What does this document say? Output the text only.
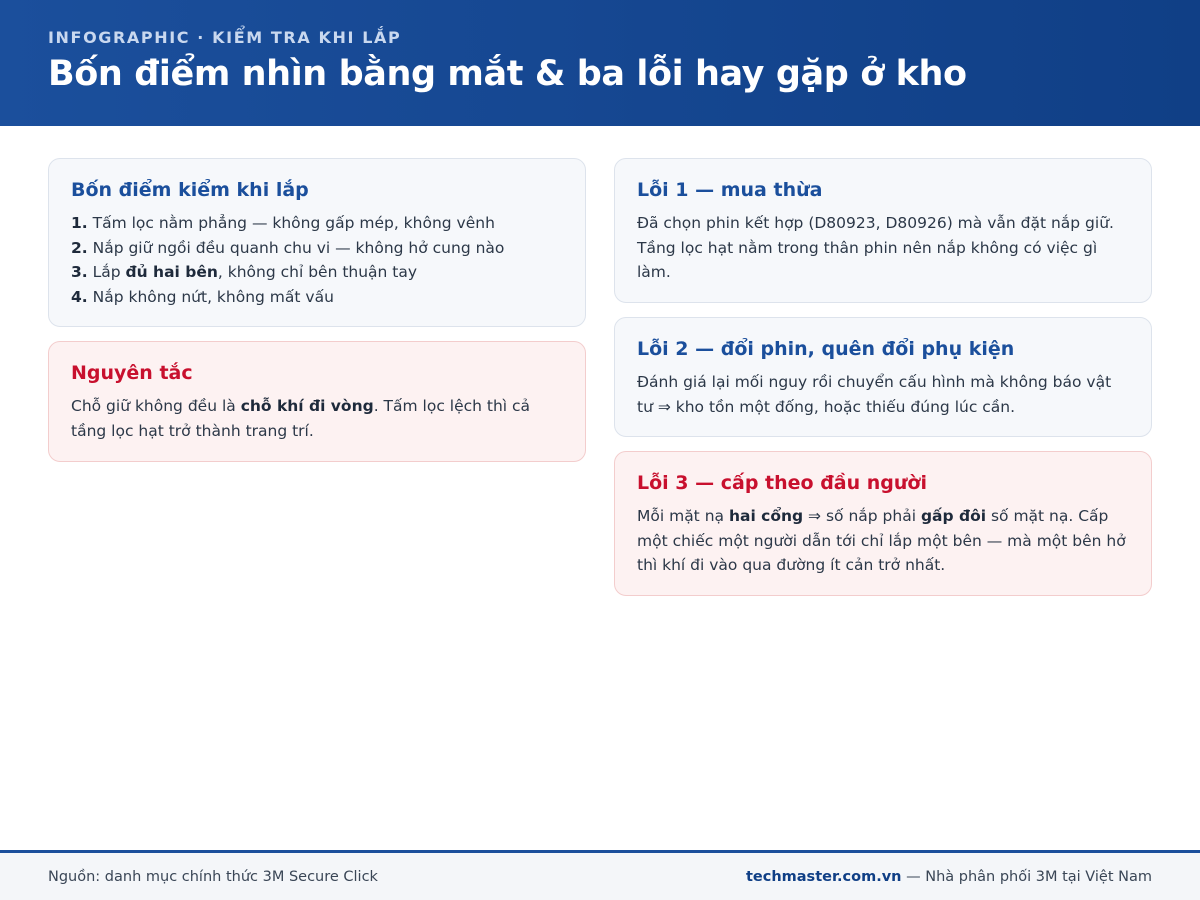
INFOGRAPHIC · KIỂM TRA KHI LẮP
Bốn điểm nhìn bằng mắt & ba lỗi hay gặp ở kho
Bốn điểm kiểm khi lắp
1. Tấm lọc nằm phẳng — không gấp mép, không vênh
2. Nắp giữ ngồi đều quanh chu vi — không hở cung nào
3. Lắp đủ hai bên, không chỉ bên thuận tay
4. Nắp không nứt, không mất vấu
Nguyên tắc
Chỗ giữ không đều là chỗ khí đi vòng. Tấm lọc lệch thì cả tầng lọc hạt trở thành trang trí.
Lỗi 1 — mua thừa
Đã chọn phin kết hợp (D80923, D80926) mà vẫn đặt nắp giữ. Tầng lọc hạt nằm trong thân phin nên nắp không có việc gì làm.
Lỗi 2 — đổi phin, quên đổi phụ kiện
Đánh giá lại mối nguy rồi chuyển cấu hình mà không báo vật tư ⇒ kho tồn một đống, hoặc thiếu đúng lúc cần.
Lỗi 3 — cấp theo đầu người
Mỗi mặt nạ hai cổng ⇒ số nắp phải gấp đôi số mặt nạ. Cấp một chiếc một người dẫn tới chỉ lắp một bên — mà một bên hở thì khí đi vào qua đường ít cản trở nhất.
Nguồn: danh mục chính thức 3M Secure Click	techmaster.com.vn — Nhà phân phối 3M tại Việt Nam
